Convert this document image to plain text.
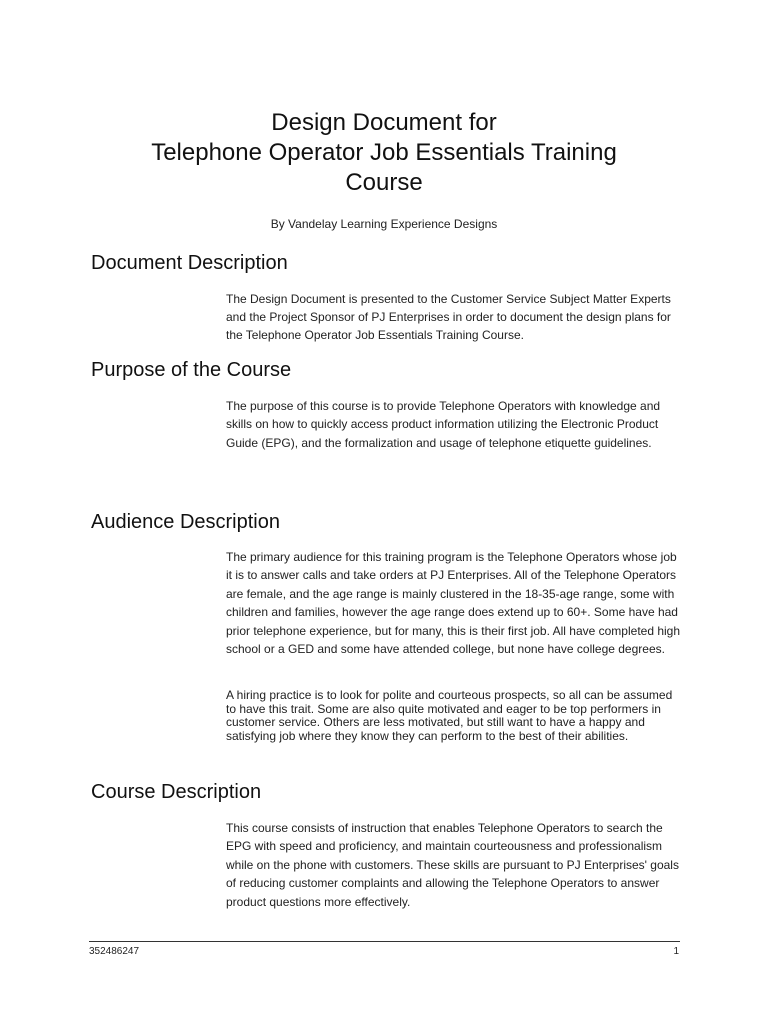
Design Document for
Telephone Operator Job Essentials Training
Course
By Vandelay Learning Experience Designs
Document Description

The Design Document is presented to the Customer Service Subject Matter Experts and the Project Sponsor of PJ Enterprises in order to document the design plans for the Telephone Operator Job Essentials Training Course.

Purpose of the Course

The purpose of this course is to provide Telephone Operators with knowledge and skills on how to quickly access product information utilizing the Electronic Product Guide (EPG), and the formalization and usage of telephone etiquette guidelines.

Audience Description

The primary audience for this training program is the Telephone Operators whose job it is to answer calls and take orders at PJ Enterprises. All of the Telephone Operators are female, and the age range is mainly clustered in the 18-35-age range, some with children and families, however the age range does extend up to 60+. Some have had prior telephone experience, but for many, this is their first job. All have completed high school or a GED and some have attended college, but none have college degrees.

A hiring practice is to look for polite and courteous prospects, so all can be assumed to have this trait. Some are also quite motivated and eager to be top performers in customer service. Others are less motivated, but still want to have a happy and satisfying job where they know they can perform to the best of their abilities.

Course Description

This course consists of instruction that enables Telephone Operators to search the EPG with speed and proficiency, and maintain courteousness and professionalism while on the phone with customers. These skills are pursuant to PJ Enterprises' goals of reducing customer complaints and allowing the Telephone Operators to answer product questions more effectively.

352486247	1
